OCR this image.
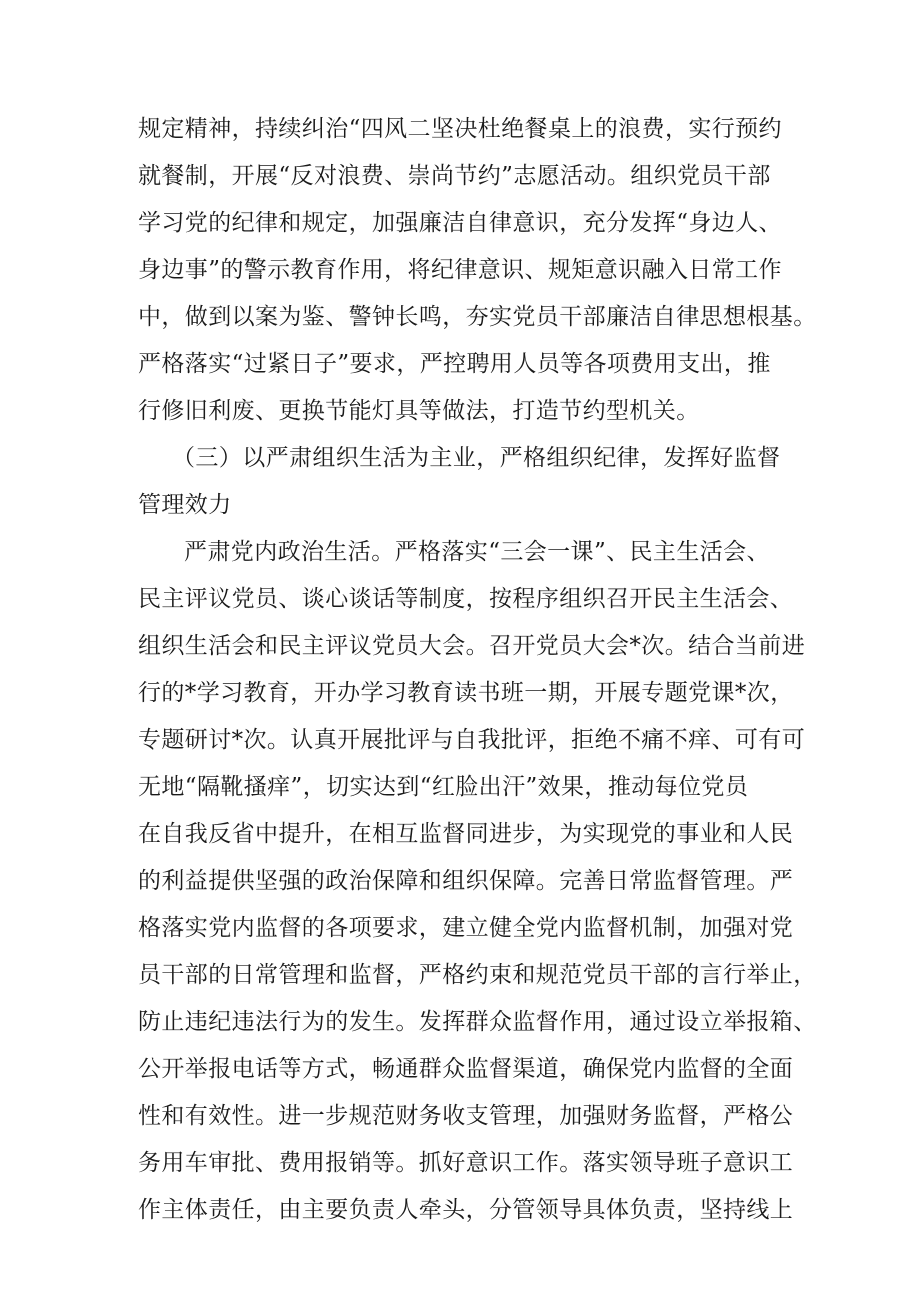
规定精神，持续纠治“四风二坚决杜绝餐桌上的浪费，实行预约
就餐制，开展“反对浪费、崇尚节约”志愿活动。组织党员干部
学习党的纪律和规定，加强廉洁自律意识，充分发挥“身边人、
身边事”的警示教育作用，将纪律意识、规矩意识融入日常工作
中，做到以案为鉴、警钟长鸣，夯实党员干部廉洁自律思想根基。
严格落实“过紧日子”要求，严控聘用人员等各项费用支出，推
行修旧利废、更换节能灯具等做法，打造节约型机关。
（三）以严肃组织生活为主业，严格组织纪律，发挥好监督
管理效力
严肃党内政治生活。严格落实“三会一课”、民主生活会、
民主评议党员、谈心谈话等制度，按程序组织召开民主生活会、
组织生活会和民主评议党员大会。召开党员大会*次。结合当前进
行的*学习教育，开办学习教育读书班一期，开展专题党课*次，
专题研讨*次。认真开展批评与自我批评，拒绝不痛不痒、可有可
无地“隔靴搔痒”，切实达到“红脸出汗”效果，推动每位党员
在自我反省中提升，在相互监督同进步，为实现党的事业和人民
的利益提供坚强的政治保障和组织保障。完善日常监督管理。严
格落实党内监督的各项要求，建立健全党内监督机制，加强对党
员干部的日常管理和监督，严格约束和规范党员干部的言行举止，
防止违纪违法行为的发生。发挥群众监督作用，通过设立举报箱、
公开举报电话等方式，畅通群众监督渠道，确保党内监督的全面
性和有效性。进一步规范财务收支管理，加强财务监督，严格公
务用车审批、费用报销等。抓好意识工作。落实领导班子意识工
作主体责任，由主要负责人牵头，分管领导具体负责，坚持线上
